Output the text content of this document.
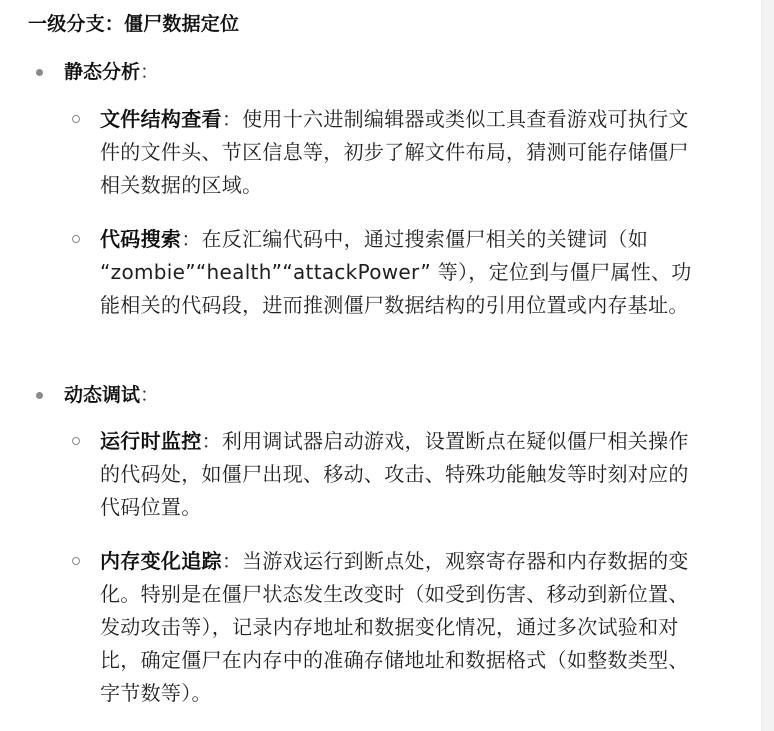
一级分支：僵尸数据定位
静态分析：
文件结构查看：使用十六进制编辑器或类似工具查看游戏可执行文件的文件头、节区信息等，初步了解文件布局，猜测可能存储僵尸相关数据的区域。
代码搜索：在反汇编代码中，通过搜索僵尸相关的关键词（如 “zombie”“health”“attackPower” 等），定位到与僵尸属性、功能相关的代码段，进而推测僵尸数据结构的引用位置或内存基址。
动态调试：
运行时监控：利用调试器启动游戏，设置断点在疑似僵尸相关操作的代码处，如僵尸出现、移动、攻击、特殊功能触发等时刻对应的代码位置。
内存变化追踪：当游戏运行到断点处，观察寄存器和内存数据的变化。特别是在僵尸状态发生改变时（如受到伤害、移动到新位置、发动攻击等），记录内存地址和数据变化情况，通过多次试验和对比，确定僵尸在内存中的准确存储地址和数据格式（如整数类型、字节数等）。
